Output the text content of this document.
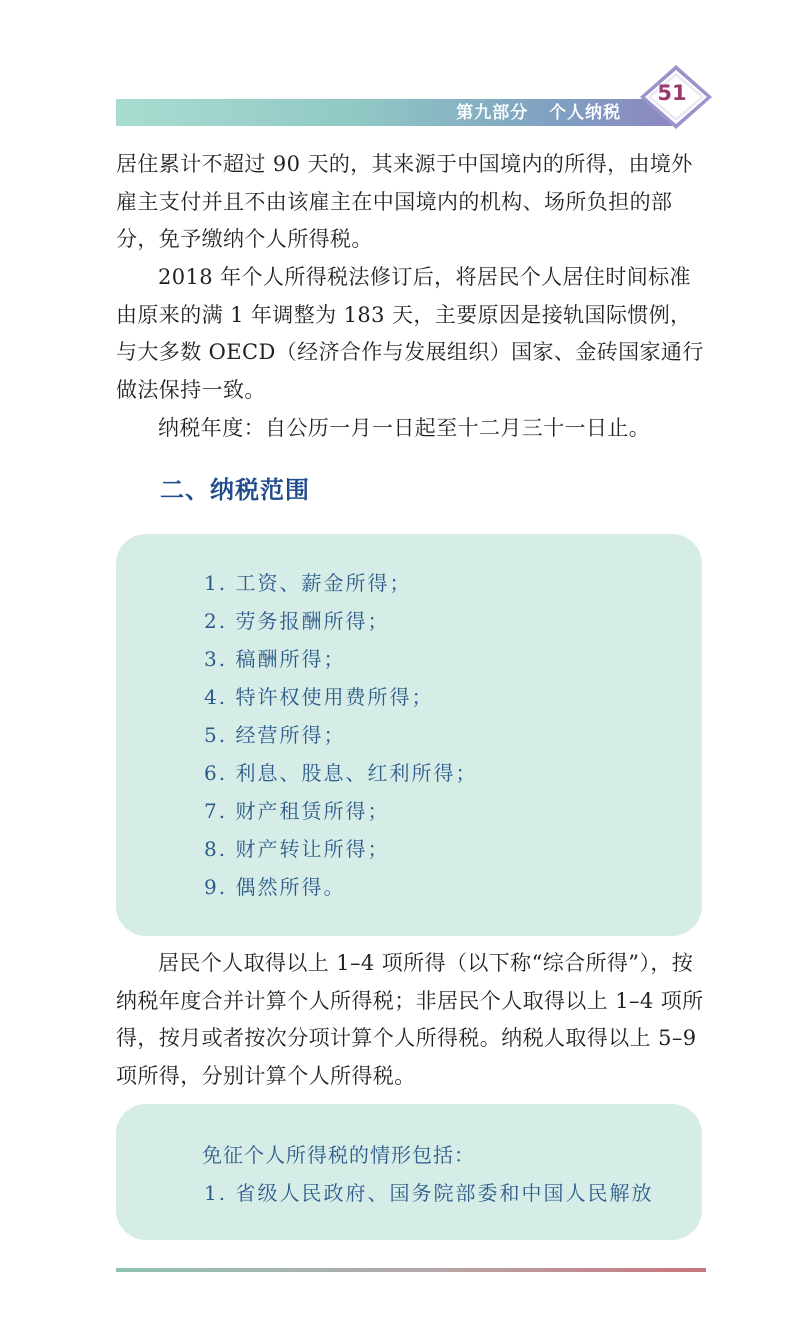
第九部分 个人纳税
51

居住累计不超过 90 天的，其来源于中国境内的所得，由境外雇主支付并且不由该雇主在中国境内的机构、场所负担的部分，免予缴纳个人所得税。

2018 年个人所得税法修订后，将居民个人居住时间标准由原来的满 1 年调整为 183 天，主要原因是接轨国际惯例，与大多数 OECD（经济合作与发展组织）国家、金砖国家通行做法保持一致。

纳税年度：自公历一月一日起至十二月三十一日止。

二、纳税范围
1. 工资、薪金所得；
2. 劳务报酬所得；
3. 稿酬所得；
4. 特许权使用费所得；
5. 经营所得；
6. 利息、股息、红利所得；
7. 财产租赁所得；
8. 财产转让所得；
9. 偶然所得。

居民个人取得以上 1–4 项所得（以下称“综合所得”），按纳税年度合并计算个人所得税；非居民个人取得以上 1–4 项所得，按月或者按次分项计算个人所得税。纳税人取得以上 5–9 项所得，分别计算个人所得税。

免征个人所得税的情形包括：
1. 省级人民政府、国务院部委和中国人民解放
